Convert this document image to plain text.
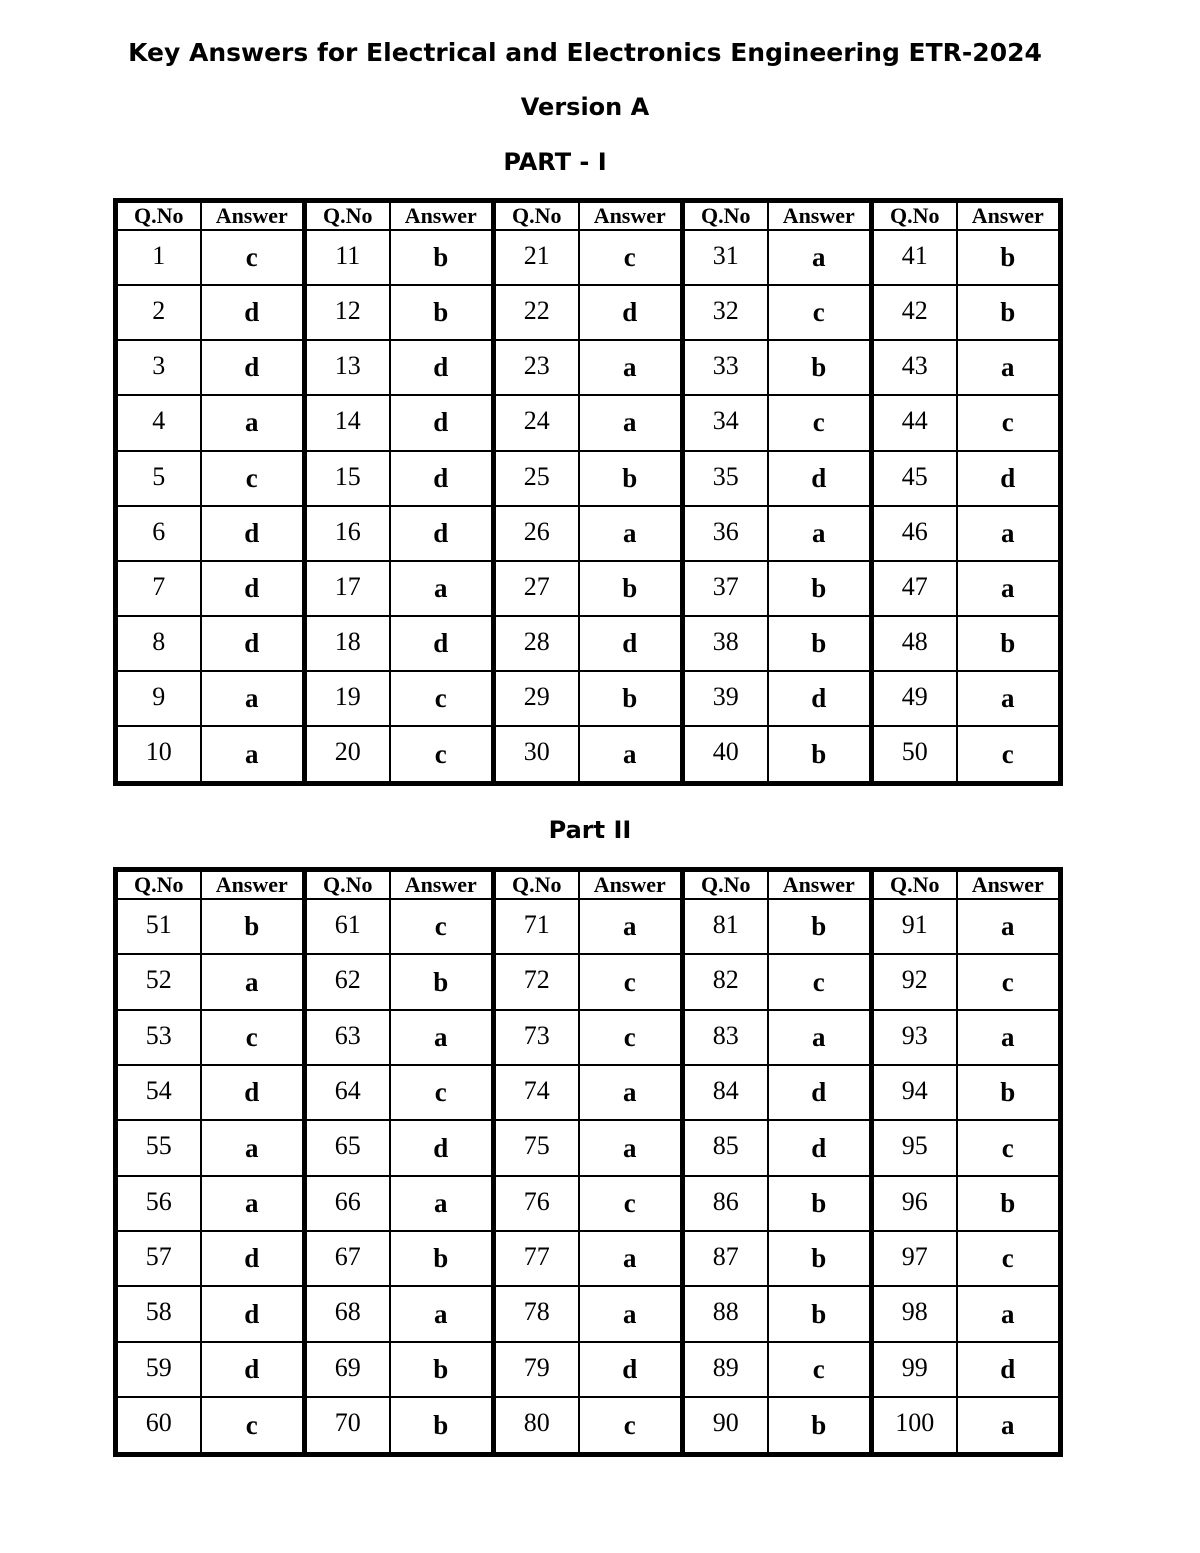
Key Answers for Electrical and Electronics Engineering ETR-2024
Version A
PART - I
Q.No	Answer	Q.No	Answer	Q.No	Answer	Q.No	Answer	Q.No	Answer
1	c	11	b	21	c	31	a	41	b
2	d	12	b	22	d	32	c	42	b
3	d	13	d	23	a	33	b	43	a
4	a	14	d	24	a	34	c	44	c
5	c	15	d	25	b	35	d	45	d
6	d	16	d	26	a	36	a	46	a
7	d	17	a	27	b	37	b	47	a
8	d	18	d	28	d	38	b	48	b
9	a	19	c	29	b	39	d	49	a
10	a	20	c	30	a	40	b	50	c
Part II
Q.No	Answer	Q.No	Answer	Q.No	Answer	Q.No	Answer	Q.No	Answer
51	b	61	c	71	a	81	b	91	a
52	a	62	b	72	c	82	c	92	c
53	c	63	a	73	c	83	a	93	a
54	d	64	c	74	a	84	d	94	b
55	a	65	d	75	a	85	d	95	c
56	a	66	a	76	c	86	b	96	b
57	d	67	b	77	a	87	b	97	c
58	d	68	a	78	a	88	b	98	a
59	d	69	b	79	d	89	c	99	d
60	c	70	b	80	c	90	b	100	a
